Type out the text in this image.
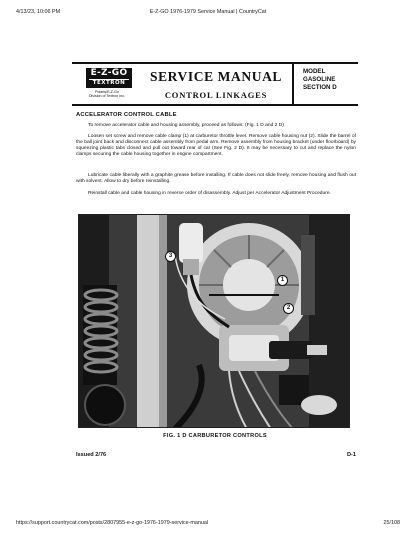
4/13/23, 10:06 PM	E-Z-GO 1976-1979 Service Manual | CountryCat
E-Z-GO
TEXTRON
Polaris/E-Z-Go
Division of Textron Inc.
SERVICE MANUAL
CONTROL LINKAGES
MODEL
GASOLINE
SECTION D
ACCELERATOR CONTROL CABLE

To remove accelerator cable and housing assembly, proceed as follows: (Fig. 1 D and 2 D)

Loosen set screw and remove cable clamp (1) at carburetor throttle lever. Remove cable housing nut (2). Slide the barrel of the ball joint back and disconnect cable assembly from pedal arm. Remove assembly from housing bracket (under floorboard) by squeezing plastic tabs closed and pull out toward rear of car (See Fig. 2 D). It may be necessary to cut and replace the nylon clamps securing the cable housing together in engine compartment.

Lubricate cable liberally with a graphite grease before installing. If cable does not slide freely, remove housing and flush out with solvent. Allow to dry before reinstalling.

Reinstall cable and cable housing in reverse order of disassembly. Adjust per Accelerator Adjustment Procedure.

3
1
2
FIG. 1 D CARBURETOR CONTROLS
Issued 2/76	D-1
https://support.countrycat.com/posts/2807955-e-z-go-1976-1979-service-manual	25/108
